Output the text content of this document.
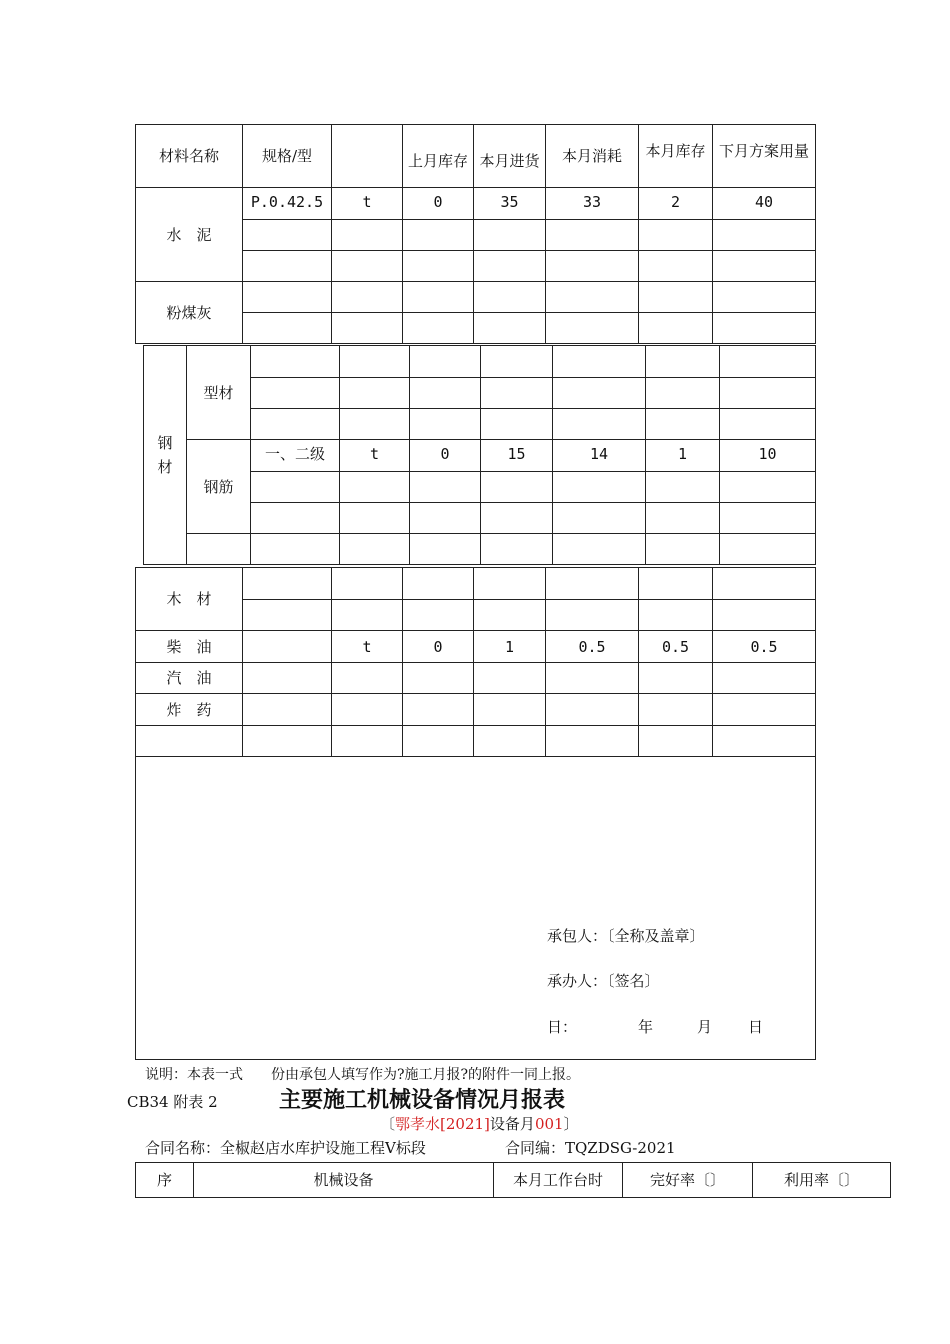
材料名称	规格/型		上月库存	本月进货	本月消耗	本月库存	下月方案用量
水　泥	P.0.42.5	t	0	35	33	2	40

粉煤灰							

钢材	型材							

	钢筋	一、二级	t	0	15	14	1	10

木　材							

柴　油		t	0	1	0.5	0.5	0.5
汽　油							
炸　药							

承包人：〔全称及盖章〕
承办人：〔签名〕
日：	年	月 日
说明：本表一式　　份由承包人填写作为?施工月报?的附件一同上报。
CB34 附表 2	主要施工机械设备情况月报表
〔鄂孝水[2021]设备月001〕
合同名称：全椒赵店水库护设施工程Ⅴ标段	合同编：TQZDSG-2021
序	机械设备	本月工作台时	完好率〔〕	利用率〔〕
